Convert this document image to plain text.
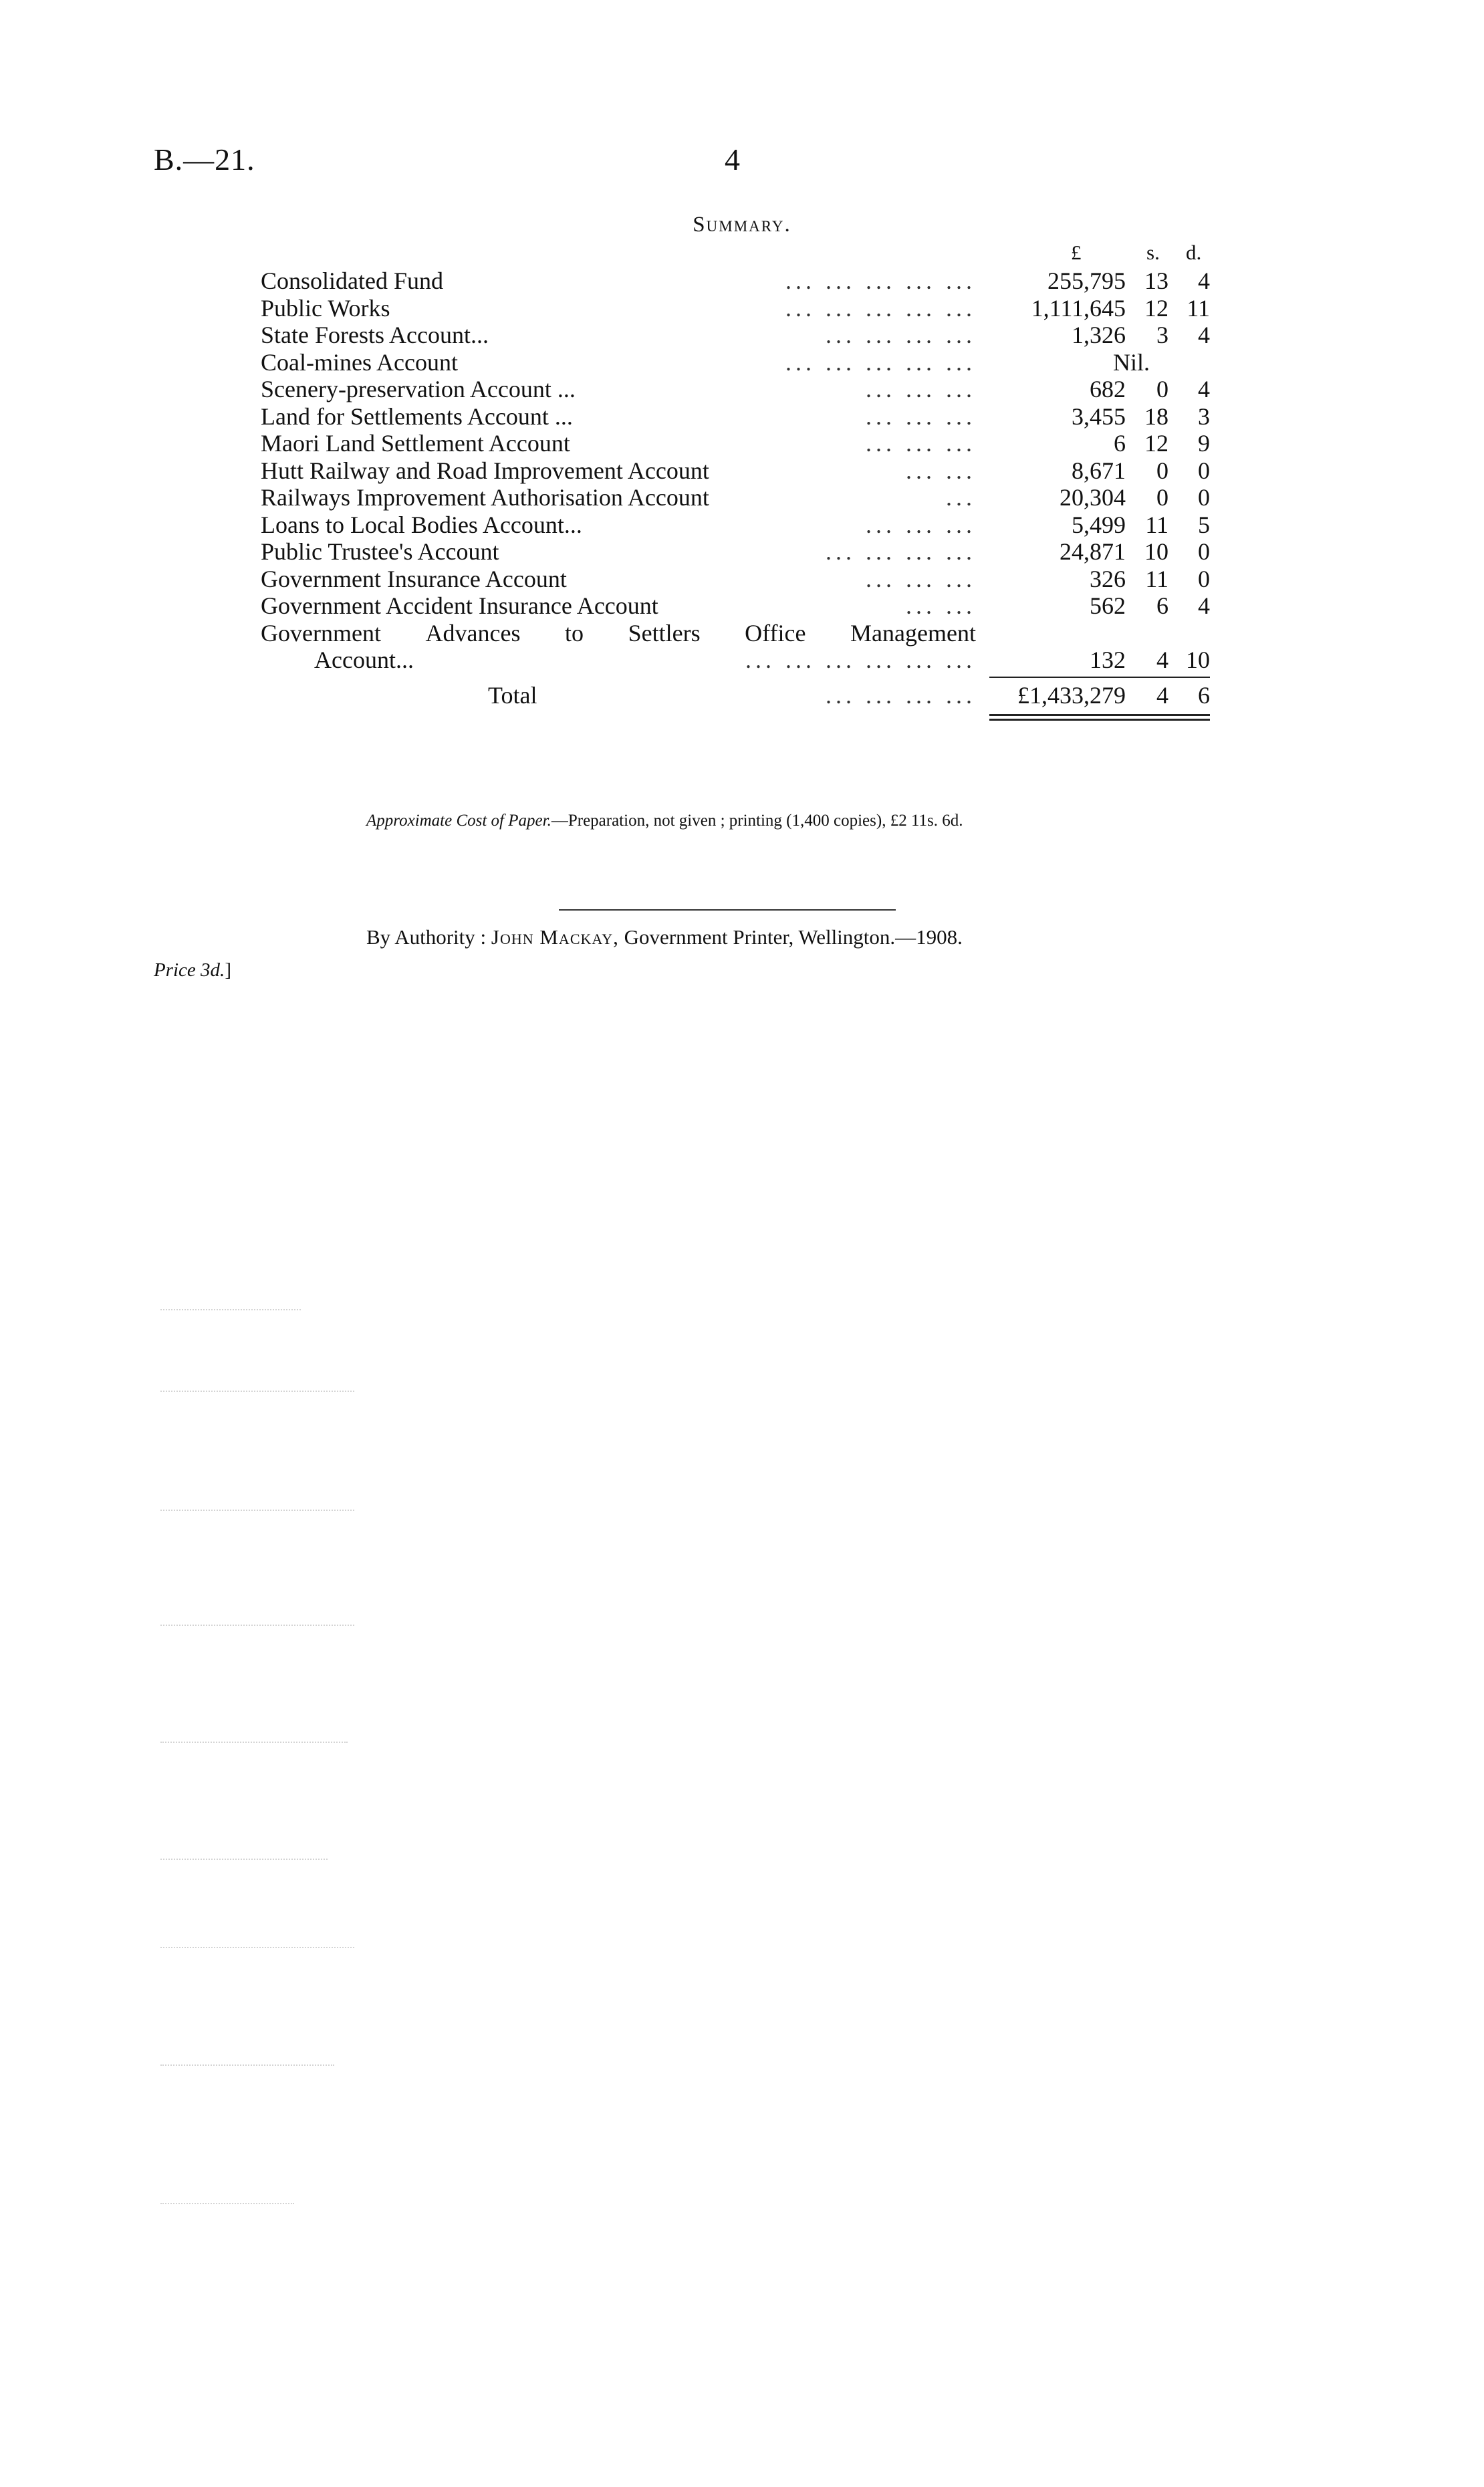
B.—21.	4
Summary.
£	s. d.
Consolidated Fund	... ... ... ... ...	255,795 13	4
Public Works	... ... ... ... ... 1,111,645 12 11
State Forests Account...	... ... ... ...	1,326	3	4
Coal-mines Account	... ... ... ... ...	Nil.
Scenery-preservation Account ...	... ... ...	682	0	4
Land for Settlements Account ...	... ... ...	3,455 18	3
Maori Land Settlement Account	... ... ...	6 12	9
Hutt Railway and Road Improvement Account	... ...	8,671	0	0
Railways Improvement Authorisation Account	...	20,304	0	0
Loans to Local Bodies Account...	... ... ...	5,499 11	5
Public Trustee's Account	... ... ... ...	24,871 10	0
Government Insurance Account	... ... ...	326 11	0
Government Accident Insurance Account	... ...	562	6	4
Government Advances to Settlers Office Management
Account...	... ... ... ... ... ...	132	4 10
... ... ... ...
Total	£1,433,279	4	6
Approximate Cost of Paper.—Preparation, not given ; printing (1,400 copies), £2 11s. 6d.
By Authority : John Mackay, Government Printer, Wellington.—1908.
Price 3d.]
